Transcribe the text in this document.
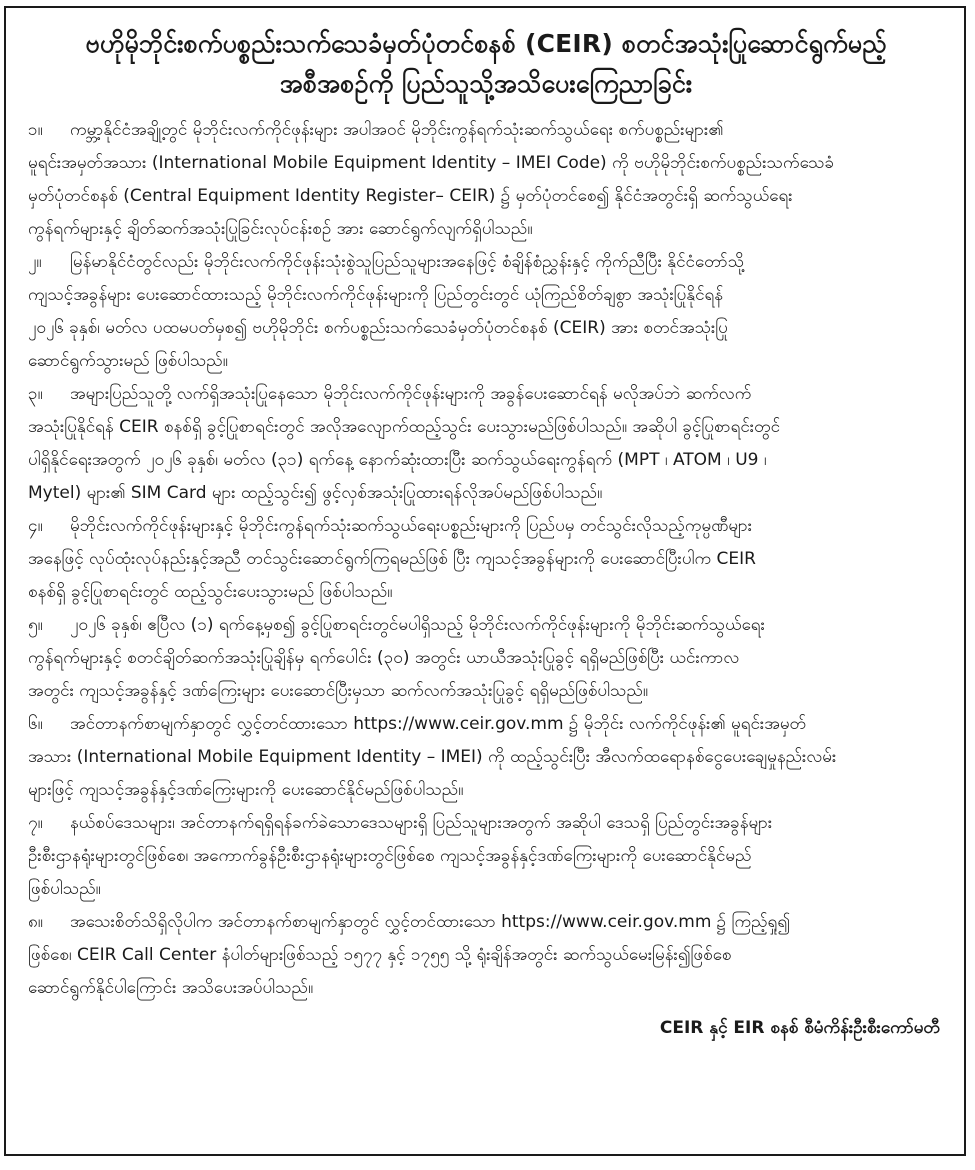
ဗဟိုမိုဘိုင်းစက်ပစ္စည်းသက်သေခံမှတ်ပုံတင်စနစ် (CEIR) စတင်အသုံးပြုဆောင်ရွက်မည့်
အစီအစဉ်ကို ပြည်သူသို့အသိပေးကြေညာခြင်း

၁။ ကမ္ဘာ့နိုင်ငံအချို့တွင် မိုဘိုင်းလက်ကိုင်ဖုန်းများ အပါအဝင် မိုဘိုင်းကွန်ရက်သုံးဆက်သွယ်ရေး စက်ပစ္စည်းများ၏
မူရင်းအမှတ်အသား (International Mobile Equipment Identity – IMEI Code) ကို ဗဟိုမိုဘိုင်းစက်ပစ္စည်းသက်သေခံ
မှတ်ပုံတင်စနစ် (Central Equipment Identity Register– CEIR) ၌ မှတ်ပုံတင်စေ၍ နိုင်ငံအတွင်းရှိ ဆက်သွယ်ရေး
ကွန်ရက်များနှင့် ချိတ်ဆက်အသုံးပြုခြင်းလုပ်ငန်းစဉ် အား ဆောင်ရွက်လျက်ရှိပါသည်။

၂။ မြန်မာနိုင်ငံတွင်လည်း မိုဘိုင်းလက်ကိုင်ဖုန်းသုံးစွဲသူပြည်သူများအနေဖြင့် စံချိန်စံညွှန်းနှင့် ကိုက်ညီပြီး နိုင်ငံတော်သို့
ကျသင့်အခွန်များ ပေးဆောင်ထားသည့် မိုဘိုင်းလက်ကိုင်ဖုန်းများကို ပြည်တွင်းတွင် ယုံကြည်စိတ်ချစွာ အသုံးပြုနိုင်ရန်
၂၀၂၆ ခုနှစ်၊ မတ်လ ပထမပတ်မှစ၍ ဗဟိုမိုဘိုင်း စက်ပစ္စည်းသက်သေခံမှတ်ပုံတင်စနစ် (CEIR) အား စတင်အသုံးပြု
ဆောင်ရွက်သွားမည် ဖြစ်ပါသည်။

၃။ အများပြည်သူတို့ လက်ရှိအသုံးပြုနေသော မိုဘိုင်းလက်ကိုင်ဖုန်းများကို အခွန်ပေးဆောင်ရန် မလိုအပ်ဘဲ ဆက်လက်
အသုံးပြုနိုင်ရန် CEIR စနစ်ရှိ ခွင့်ပြုစာရင်းတွင် အလိုအလျောက်ထည့်သွင်း ပေးသွားမည်ဖြစ်ပါသည်။ အဆိုပါ ခွင့်ပြုစာရင်းတွင်
ပါရှိနိုင်ရေးအတွက် ၂၀၂၆ ခုနှစ်၊ မတ်လ (၃၁) ရက်နေ့ နောက်ဆုံးထားပြီး ဆက်သွယ်ရေးကွန်ရက် (MPT ၊ ATOM ၊ U9 ၊
Mytel) များ၏ SIM Card များ ထည့်သွင်း၍ ဖွင့်လှစ်အသုံးပြုထားရန်လိုအပ်မည်ဖြစ်ပါသည်။

၄။ မိုဘိုင်းလက်ကိုင်ဖုန်းများနှင့် မိုဘိုင်းကွန်ရက်သုံးဆက်သွယ်ရေးပစ္စည်းများကို ပြည်ပမှ တင်သွင်းလိုသည့်ကုမ္ပဏီများ
အနေဖြင့် လုပ်ထုံးလုပ်နည်းနှင့်အညီ တင်သွင်းဆောင်ရွက်ကြရမည်ဖြစ် ပြီး ကျသင့်အခွန်များကို ပေးဆောင်ပြီးပါက CEIR
စနစ်ရှိ ခွင့်ပြုစာရင်းတွင် ထည့်သွင်းပေးသွားမည် ဖြစ်ပါသည်။

၅။ ၂၀၂၆ ခုနှစ်၊ ဧပြီလ (၁) ရက်နေ့မှစ၍ ခွင့်ပြုစာရင်းတွင်မပါရှိသည့် မိုဘိုင်းလက်ကိုင်ဖုန်းများကို မိုဘိုင်းဆက်သွယ်ရေး
ကွန်ရက်များနှင့် စတင်ချိတ်ဆက်အသုံးပြုချိန်မှ ရက်ပေါင်း (၃၀) အတွင်း ယာယီအသုံးပြုခွင့် ရရှိမည်ဖြစ်ပြီး ယင်းကာလ
အတွင်း ကျသင့်အခွန်နှင့် ဒဏ်ကြေးများ ပေးဆောင်ပြီးမှသာ ဆက်လက်အသုံးပြုခွင့် ရရှိမည်ဖြစ်ပါသည်။

၆။ အင်တာနက်စာမျက်နှာတွင် လွှင့်တင်ထားသော https://www.ceir.gov.mm ၌ မိုဘိုင်း လက်ကိုင်ဖုန်း၏ မူရင်းအမှတ်
အသား (International Mobile Equipment Identity – IMEI) ကို ထည့်သွင်းပြီး အီလက်ထရောနစ်ငွေပေးချေမှုနည်းလမ်း
များဖြင့် ကျသင့်အခွန်နှင့်ဒဏ်ကြေးများကို ပေးဆောင်နိုင်မည်ဖြစ်ပါသည်။

၇။ နယ်စပ်ဒေသများ၊ အင်တာနက်ရရှိရန်ခက်ခဲသောဒေသများရှိ ပြည်သူများအတွက် အဆိုပါ ဒေသရှိ ပြည်တွင်းအခွန်များ
ဦးစီးဌာနရုံးများတွင်ဖြစ်စေ၊ အကောက်ခွန်ဦးစီးဌာနရုံးများတွင်ဖြစ်စေ ကျသင့်အခွန်နှင့်ဒဏ်ကြေးများကို ပေးဆောင်နိုင်မည်
ဖြစ်ပါသည်။

၈။ အသေးစိတ်သိရှိလိုပါက အင်တာနက်စာမျက်နှာတွင် လွှင့်တင်ထားသော https://www.ceir.gov.mm ၌ ကြည့်ရှု၍
ဖြစ်စေ၊ CEIR Call Center နံပါတ်များဖြစ်သည့် ၁၅၇၇ နှင့် ၁၇၅၅ သို့ ရုံးချိန်အတွင်း ဆက်သွယ်မေးမြန်း၍ဖြစ်စေ
ဆောင်ရွက်နိုင်ပါကြောင်း အသိပေးအပ်ပါသည်။

CEIR နှင့် EIR စနစ် စီမံကိန်းဦးစီးကော်မတီ
